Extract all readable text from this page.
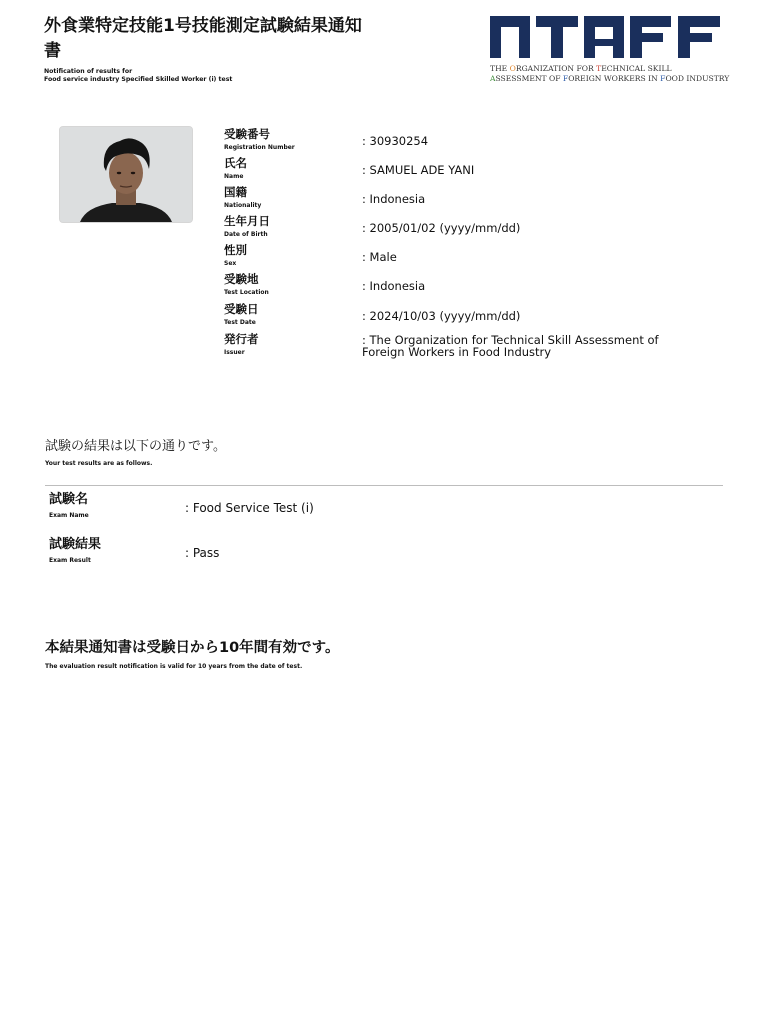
外食業特定技能1号技能測定試験結果通知書
Notification of results for
Food service industry Specified Skilled Worker (i) test
THE ORGANIZATION FOR TECHNICAL SKILL
ASSESSMENT OF FOREIGN WORKERS IN FOOD INDUSTRY
受験番号
Registration Number	: 30930254
氏名
Name	: SAMUEL ADE YANI
国籍
Nationality	: Indonesia
生年月日
Date of Birth	: 2005/01/02 (yyyy/mm/dd)
性別
Sex	: Male
受験地
Test Location	: Indonesia
受験日
Test Date	: 2024/10/03 (yyyy/mm/dd)
発行者
Issuer
: The Organization for Technical Skill Assessment of Foreign Workers in Food Industry
試験の結果は以下の通りです。
Your test results are as follows.
試験名
Exam Name
: Food Service Test (i)
試験結果
Exam Result
: Pass
本結果通知書は受験日から10年間有効です。
The evaluation result notification is valid for 10 years from the date of test.
